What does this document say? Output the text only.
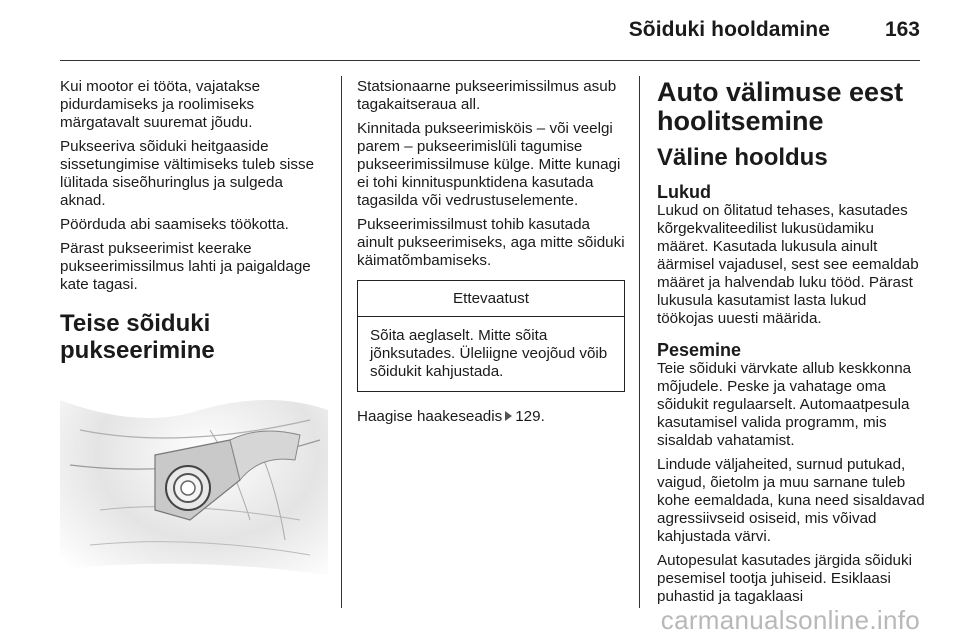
Sõiduki hooldamine	163

Kui mootor ei tööta, vajatakse pidurdamiseks ja roolimiseks märgatavalt suuremat jõudu.

Pukseeriva sõiduki heitgaaside sissetungimise vältimiseks tuleb sisse lülitada siseõhuringlus ja sulgeda aknad.

Pöörduda abi saamiseks töökotta.

Pärast pukseerimist keerake pukseerimissilmus lahti ja paigaldage kate tagasi.

Teise sõiduki pukseerimine

Statsionaarne pukseerimissilmus asub tagakaitseraua all.

Kinnitada pukseerimisköis – või veelgi parem – pukseerimislüli tagumise pukseerimissilmuse külge. Mitte kunagi ei tohi kinnituspunktidena kasutada tagasilda või vedrustuselemente.

Pukseerimissilmust tohib kasutada ainult pukseerimiseks, aga mitte sõiduki käimatõmbamiseks.

Ettevaatust
Sõita aeglaselt. Mitte sõita jõnksutades. Üleliigne veojõud võib sõidukit kahjustada.

Haagise haakeseadis 129.

Auto välimuse eest hoolitsemine
Väline hooldus
Lukud

Lukud on õlitatud tehases, kasutades kõrgekvaliteedilist lukusüdamiku määret. Kasutada lukusula ainult äärmisel vajadusel, sest see eemaldab määret ja halvendab luku tööd. Pärast lukusula kasutamist lasta lukud töökojas uuesti määrida.

Pesemine

Teie sõiduki värvkate allub keskkonna mõjudele. Peske ja vahatage oma sõidukit regulaarselt. Automaatpesula kasutamisel valida programm, mis sisaldab vahatamist.

Lindude väljaheited, surnud putukad, vaigud, õietolm ja muu sarnane tuleb kohe eemaldada, kuna need sisaldavad agressiivseid osiseid, mis võivad kahjustada värvi.

Autopesulat kasutades järgida sõiduki pesemisel tootja juhiseid. Esiklaasi puhastid ja tagaklaasi

carmanualsonline.info
